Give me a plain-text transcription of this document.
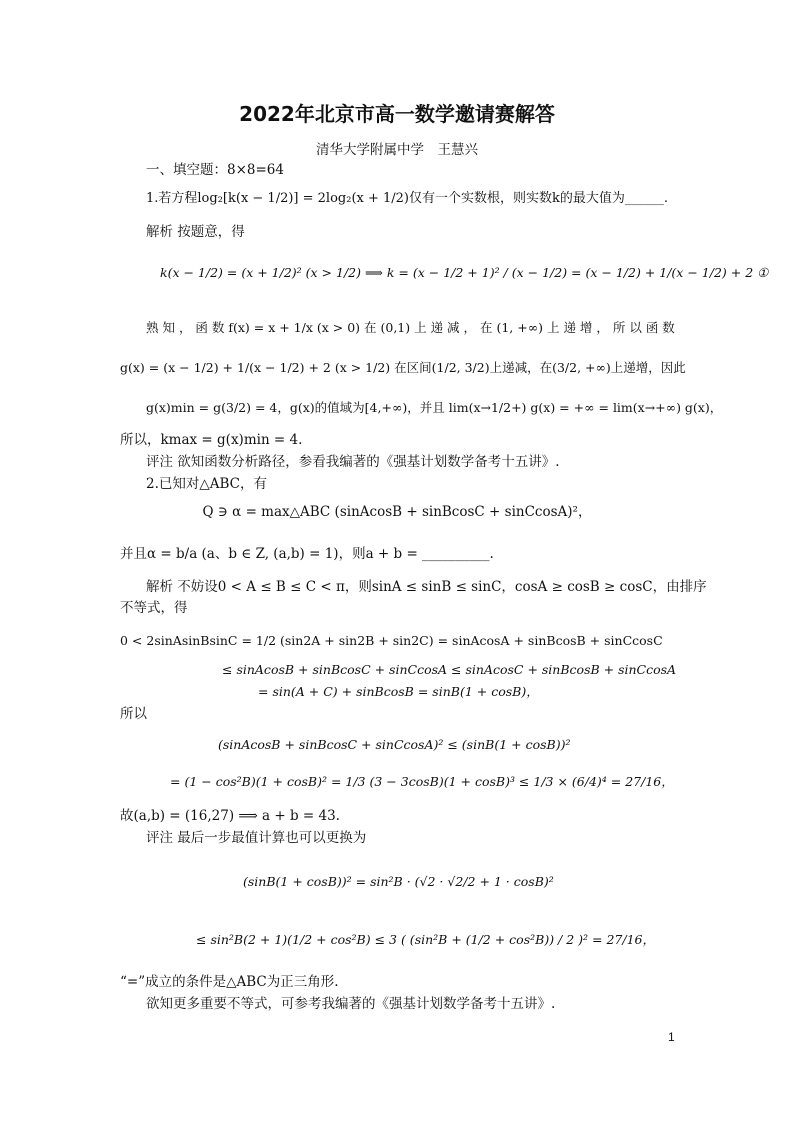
2022年北京市高一数学邀请赛解答
清华大学附属中学　王慧兴
一、填空题：8×8=64
1.若方程log₂[k(x − 1/2)] = 2log₂(x + 1/2)仅有一个实数根，则实数k的最大值为______.
解析 按题意，得
k(x − 1/2) = (x + 1/2)² (x > 1/2) ⟹ k = (x − 1/2 + 1)² / (x − 1/2) = (x − 1/2) + 1/(x − 1/2) + 2 ①
熟 知 ， 函 数 f(x) = x + 1/x (x > 0) 在 (0,1) 上 递 减 ， 在 (1, +∞) 上 递 增 ， 所 以 函 数
g(x) = (x − 1/2) + 1/(x − 1/2) + 2 (x > 1/2) 在区间(1/2, 3/2)上递减，在(3/2, +∞)上递增，因此
g(x)min = g(3/2) = 4，g(x)的值域为[4,+∞)，并且 lim(x→1/2+) g(x) = +∞ = lim(x→+∞) g(x)，
所以，kmax = g(x)min = 4.
评注 欲知函数分析路径，参看我编著的《强基计划数学备考十五讲》.
2.已知对△ABC，有
Q ∋ α = max△ABC (sinAcosB + sinBcosC + sinCcosA)²，
并且α = b/a (a、b ∈ Z, (a,b) = 1)，则a + b = __________.
解析 不妨设0 < A ≤ B ≤ C < π，则sinA ≤ sinB ≤ sinC，cosA ≥ cosB ≥ cosC，由排序
不等式，得
0 < 2sinAsinBsinC = 1/2 (sin2A + sin2B + sin2C) = sinAcosA + sinBcosB + sinCcosC
≤ sinAcosB + sinBcosC + sinCcosA ≤ sinAcosC + sinBcosB + sinCcosA
= sin(A + C) + sinBcosB = sinB(1 + cosB)，
所以
(sinAcosB + sinBcosC + sinCcosA)² ≤ (sinB(1 + cosB))²
= (1 − cos²B)(1 + cosB)² = 1/3 (3 − 3cosB)(1 + cosB)³ ≤ 1/3 × (6/4)⁴ = 27/16，
故(a,b) = (16,27) ⟹ a + b = 43.
评注 最后一步最值计算也可以更换为
(sinB(1 + cosB))² = sin²B · (√2 · √2/2 + 1 · cosB)²
≤ sin²B(2 + 1)(1/2 + cos²B) ≤ 3 ( (sin²B + (1/2 + cos²B)) / 2 )² = 27/16，
“=”成立的条件是△ABC为正三角形.
欲知更多重要不等式，可参考我编著的《强基计划数学备考十五讲》.
1
